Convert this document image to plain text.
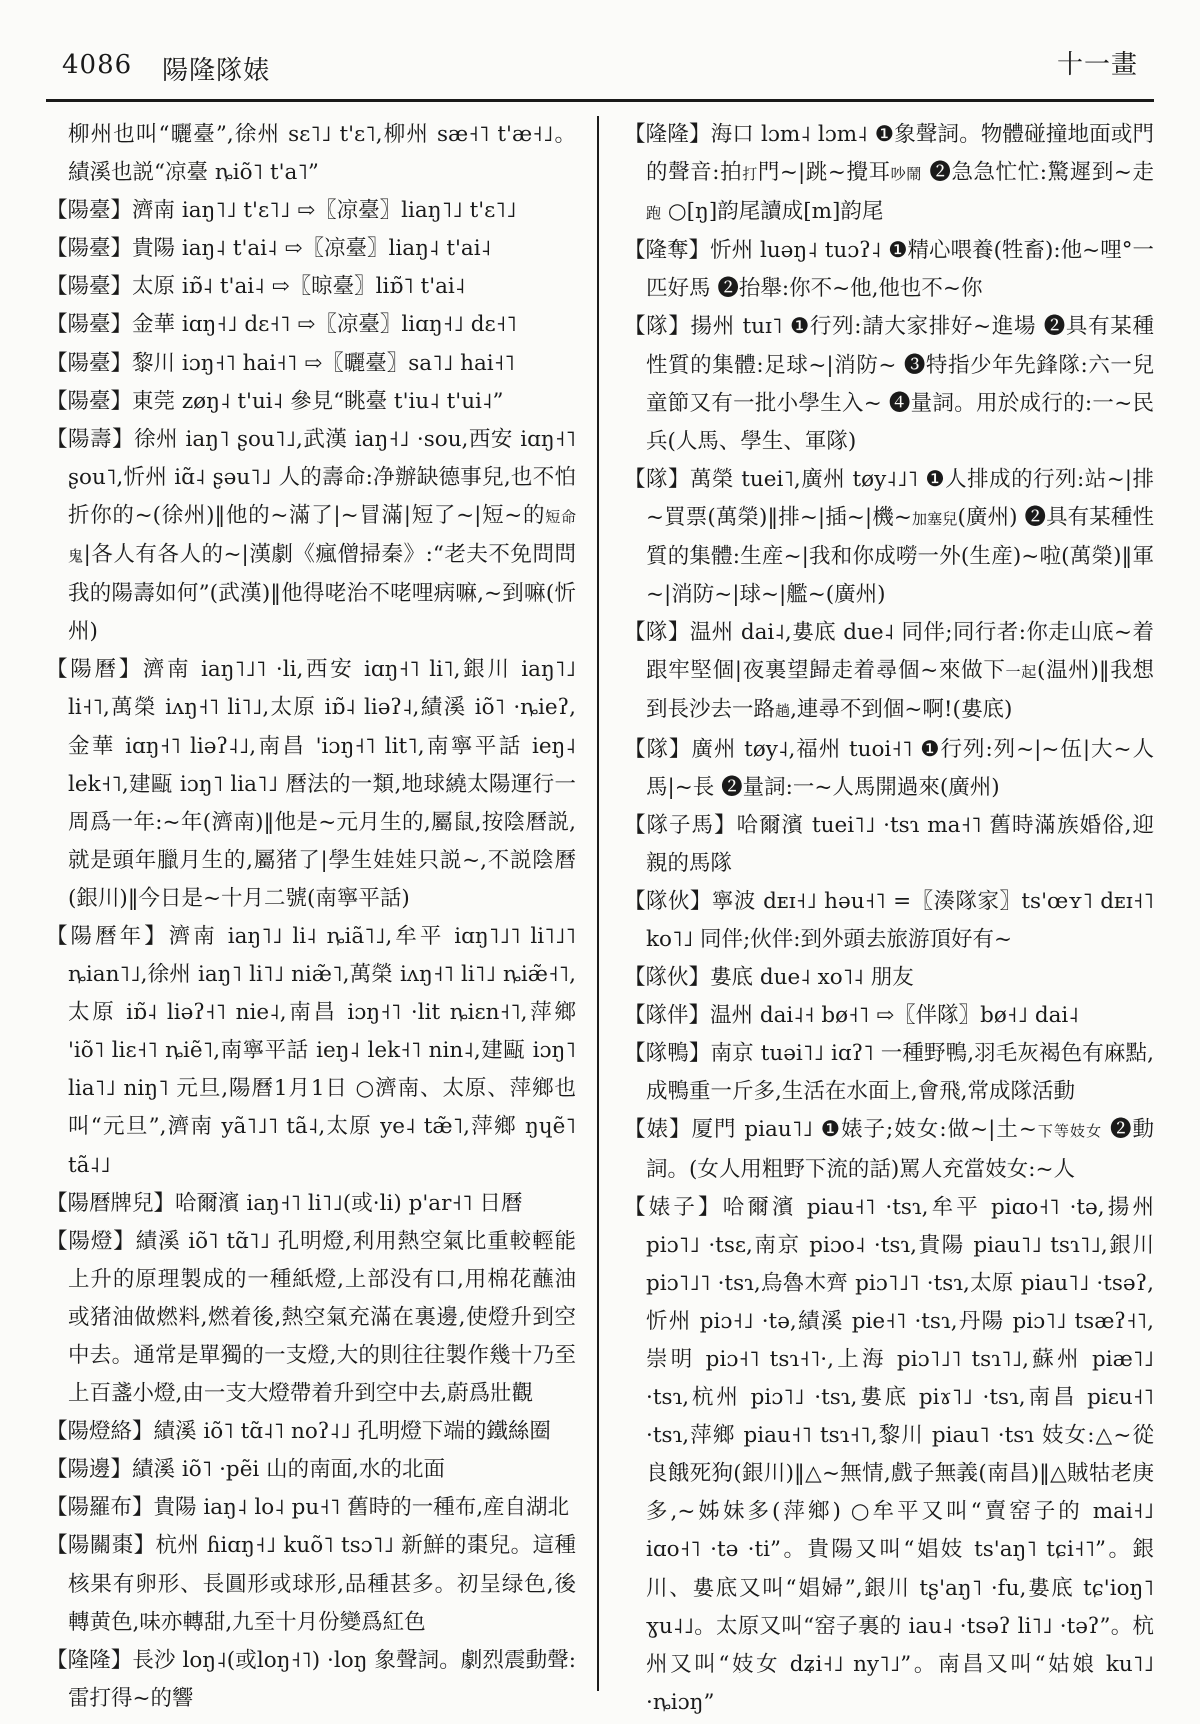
4086 陽隆隊婊	十一畫

柳州也叫“曬臺”,徐州 sɛ˥˩ t'ɛ˥,柳州 sæ˧˥ t'æ˧˩。績溪也説“凉臺 ȵiõ˥ t'a˥”

【陽臺】濟南 iaŋ˥˩ t'ɛ˥˩ ⇨〖凉臺〗liaŋ˥˩ t'ɛ˥˩

【陽臺】貴陽 iaŋ˨ t'ai˨ ⇨〖凉臺〗liaŋ˨ t'ai˨

【陽臺】太原 iɒ̃˨ t'ai˨ ⇨〖晾臺〗liɒ̃˥ t'ai˨

【陽臺】金華 iɑŋ˧˩ dɛ˧˥ ⇨〖凉臺〗liɑŋ˧˩ dɛ˧˥

【陽臺】黎川 iɔŋ˧˥ hai˧˥ ⇨〖曬臺〗sa˥˩ hai˧˥

【陽臺】東莞 zøŋ˨ t'ui˨ 參見“眺臺 t'iu˨ t'ui˨”

【陽壽】徐州 iaŋ˥ ʂou˥˩,武漢 iaŋ˧˩ ·sou,西安 iɑŋ˧˥ ʂou˥,忻州 iɑ̃˨ ʂəu˥˩ 人的壽命:净辦缺德事兒,也不怕折你的~(徐州)‖他的~滿了|~冒滿|短了~|短~的短命鬼|各人有各人的~|漢劇《瘋僧掃秦》:“老夫不免問問我的陽壽如何”(武漢)‖他得咾治不咾哩病嘛,~到嘛(忻州)

【陽曆】濟南 iaŋ˥˩˥ ·li,西安 iɑŋ˧˥ li˥,銀川 iaŋ˥˩ li˧˥,萬榮 iʌŋ˧˥ li˥˩,太原 iɒ̃˨ liəʔ˨,績溪 iõ˥ ·ȵieʔ,金華 iɑŋ˧˥ liəʔ˨˩,南昌 'iɔŋ˧˥ lit˥,南寧平話 ieŋ˨ lek˧˥,建甌 iɔŋ˥ lia˥˩ 曆法的一類,地球繞太陽運行一周爲一年:~年(濟南)‖他是~元月生的,屬鼠,按陰曆説,就是頭年臘月生的,屬猪了|學生娃娃只説~,不説陰曆(銀川)‖今日是~十月二號(南寧平話)

【陽曆年】濟南 iaŋ˥˩ li˨ ȵiã˥˩,牟平 iɑŋ˥˩˥ li˥˩˥ ȵian˥˩,徐州 iaŋ˥ li˥˩ niæ̃˥,萬榮 iʌŋ˧˥ li˥˩ ȵiæ̃˧˥,太原 iɒ̃˨ liəʔ˧˥ nie˨,南昌 iɔŋ˧˥ ·lit ȵiɛn˧˥,萍鄉 'iõ˥ liɛ˧˥ ȵiẽ˥,南寧平話 ieŋ˨ lek˧˥ nin˨,建甌 iɔŋ˥ lia˥˩ niŋ˥ 元旦,陽曆1月1日 ○濟南、太原、萍鄉也叫“元旦”,濟南 yã˥˩˥ tã˨,太原 ye˨ tæ̃˥,萍鄉 ŋɥẽ˥ tã˨˩

【陽曆牌兒】哈爾濱 iaŋ˧˥ li˥˩(或·li) p'ar˧˥ 日曆

【陽燈】績溪 iõ˥ tɑ̃˥˩ 孔明燈,利用熱空氣比重較輕能上升的原理製成的一種紙燈,上部没有口,用棉花蘸油或猪油做燃料,燃着後,熱空氣充滿在裏邊,使燈升到空中去。通常是單獨的一支燈,大的則往往製作幾十乃至上百盞小燈,由一支大燈帶着升到空中去,蔚爲壯觀

【陽燈絡】績溪 iõ˥ tɑ̃˨˥ noʔ˨˩ 孔明燈下端的鐵絲圈

【陽邊】績溪 iõ˥ ·pẽi 山的南面,水的北面

【陽羅布】貴陽 iaŋ˨ lo˨ pu˧˥ 舊時的一種布,産自湖北

【陽關棗】杭州 ɦiɑŋ˧˩ kuõ˥ tsɔ˥˩ 新鮮的棗兒。這種核果有卵形、長圓形或球形,品種甚多。初呈绿色,後轉黄色,味亦轉甜,九至十月份變爲紅色

【隆隆】長沙 loŋ˨(或loŋ˧˥) ·loŋ 象聲詞。劇烈震動聲:雷打得~的響

【隆隆】海口 lɔm˨ lɔm˨ ❶象聲詞。物體碰撞地面或門的聲音:拍打門~|跳~攪耳吵鬧 ❷急急忙忙:驚遲到~走跑 ○[ŋ]韵尾讀成[m]韵尾

【隆奪】忻州 luəŋ˨ tuɔʔ˨ ❶精心喂養(牲畜):他~哩°一匹好馬 ❷抬舉:你不~他,他也不~你

【隊】揚州 tuɪ˥ ❶行列:請大家排好~進場 ❷具有某種性質的集體:足球~|消防~ ❸特指少年先鋒隊:六一兒童節又有一批小學生入~ ❹量詞。用於成行的:一~民兵(人馬、學生、軍隊)

【隊】萬榮 tuei˥,廣州 tøy˨˩˥ ❶人排成的行列:站~|排~買票(萬榮)‖排~|插~|機~加塞兒(廣州) ❷具有某種性質的集體:生産~|我和你成嘮一外(生産)~啦(萬榮)‖軍~|消防~|球~|艦~(廣州)

【隊】温州 dai˨,婁底 due˨ 同伴;同行者:你走山底~着跟牢堅個|夜裏望歸走着尋個~來做下一起(温州)‖我想到長沙去一路趟,連尋不到個~啊!(婁底)

【隊】廣州 tøy˨,福州 tuoi˧˥ ❶行列:列~|~伍|大~人馬|~長 ❷量詞:一~人馬開過來(廣州)

【隊子馬】哈爾濱 tuei˥˩ ·tsɿ ma˧˥ 舊時滿族婚俗,迎親的馬隊

【隊伙】寧波 dᴇɪ˧˩ həu˧˥ =〖湊隊家〗ts'œʏ˥ dᴇɪ˧˥ ko˥˩ 同伴;伙伴:到外頭去旅游頂好有~

【隊伙】婁底 due˨ xo˥˨ 朋友

【隊伴】温州 dai˨˧ bø˧˥ ⇨〖伴隊〗bø˧˩ dai˨

【隊鴨】南京 tuəi˥˩ iɑʔ˥ 一種野鴨,羽毛灰褐色有麻點,成鴨重一斤多,生活在水面上,會飛,常成隊活動

【婊】厦門 piau˥˩ ❶婊子;妓女:做~|土~下等妓女 ❷動詞。(女人用粗野下流的話)罵人充當妓女:~人

【婊子】哈爾濱 piau˧˥ ·tsɿ,牟平 piɑo˧˥ ·tə,揚州 piɔ˥˩ ·tsɛ,南京 piɔo˨ ·tsɿ,貴陽 piau˥˩ tsɿ˥˩,銀川 piɔ˥˩˥ ·tsɿ,烏魯木齊 piɔ˥˩˥ ·tsɿ,太原 piau˥˩ ·tsəʔ,忻州 piɔ˧˩ ·tə,績溪 pie˧˥ ·tsɿ,丹陽 piɔ˥˩ tsæʔ˧˥,崇明 piɔ˧˥ tsɿ˧˥·,上海 piɔ˥˩˥ tsɿ˥˩,蘇州 piæ˥˩ ·tsɿ,杭州 piɔ˥˩ ·tsɿ,婁底 piɤ˥˩ ·tsɿ,南昌 piɛu˧˥ ·tsɿ,萍鄉 piau˧˥ tsɿ˧˥,黎川 piau˥ ·tsɿ 妓女:△~從良餓死狗(銀川)‖△~無情,戲子無義(南昌)‖△賊牯老庚多,~姊妹多(萍鄉) ○牟平又叫“賣窑子的 mai˧˩ iɑo˧˥ ·tə ·ti”。貴陽又叫“娼妓 ts'aŋ˥ tɕi˧˥”。銀川、婁底又叫“娼婦”,銀川 tʂ'aŋ˥ ·fu,婁底 tɕ'ioŋ˥ ɣu˨˩。太原又叫“窑子裏的 iau˨ ·tsəʔ li˥˩ ·təʔ”。杭州又叫“妓女 dʑi˧˩ ny˥˩”。南昌又叫“姑娘 ku˥˩ ·ȵiɔŋ”
